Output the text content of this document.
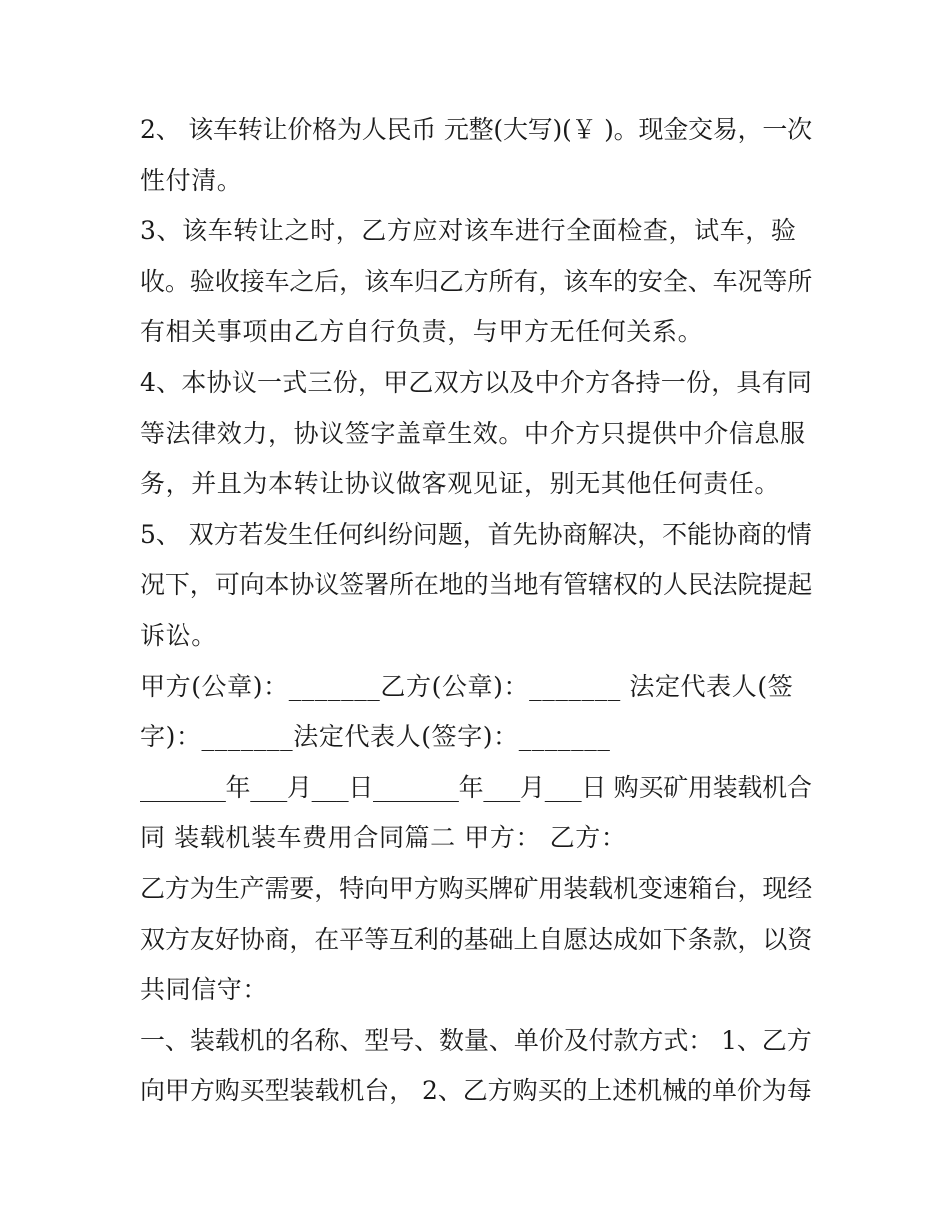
2、 该车转让价格为人民币 元整(大写)(￥ )。现金交易，一次
性付清。
3、该车转让之时，乙方应对该车进行全面检查，试车，验
收。验收接车之后，该车归乙方所有，该车的安全、车况等所
有相关事项由乙方自行负责，与甲方无任何关系。
4、本协议一式三份，甲乙双方以及中介方各持一份，具有同
等法律效力，协议签字盖章生效。中介方只提供中介信息服
务，并且为本转让协议做客观见证，别无其他任何责任。
5、 双方若发生任何纠纷问题，首先协商解决，不能协商的情
况下，可向本协议签署所在地的当地有管辖权的人民法院提起
诉讼。
甲方(公章)：_______乙方(公章)：_______ 法定代表人(签
字)：_______法定代表人(签字)：_______
_______年___月___日_______年___月___日 购买矿用装载机合
同 装载机装车费用合同篇二 甲方： 乙方：
乙方为生产需要，特向甲方购买牌矿用装载机变速箱台，现经
双方友好协商，在平等互利的基础上自愿达成如下条款，以资
共同信守：
一、装载机的名称、型号、数量、单价及付款方式： 1、乙方
向甲方购买型装载机台， 2、乙方购买的上述机械的单价为每
